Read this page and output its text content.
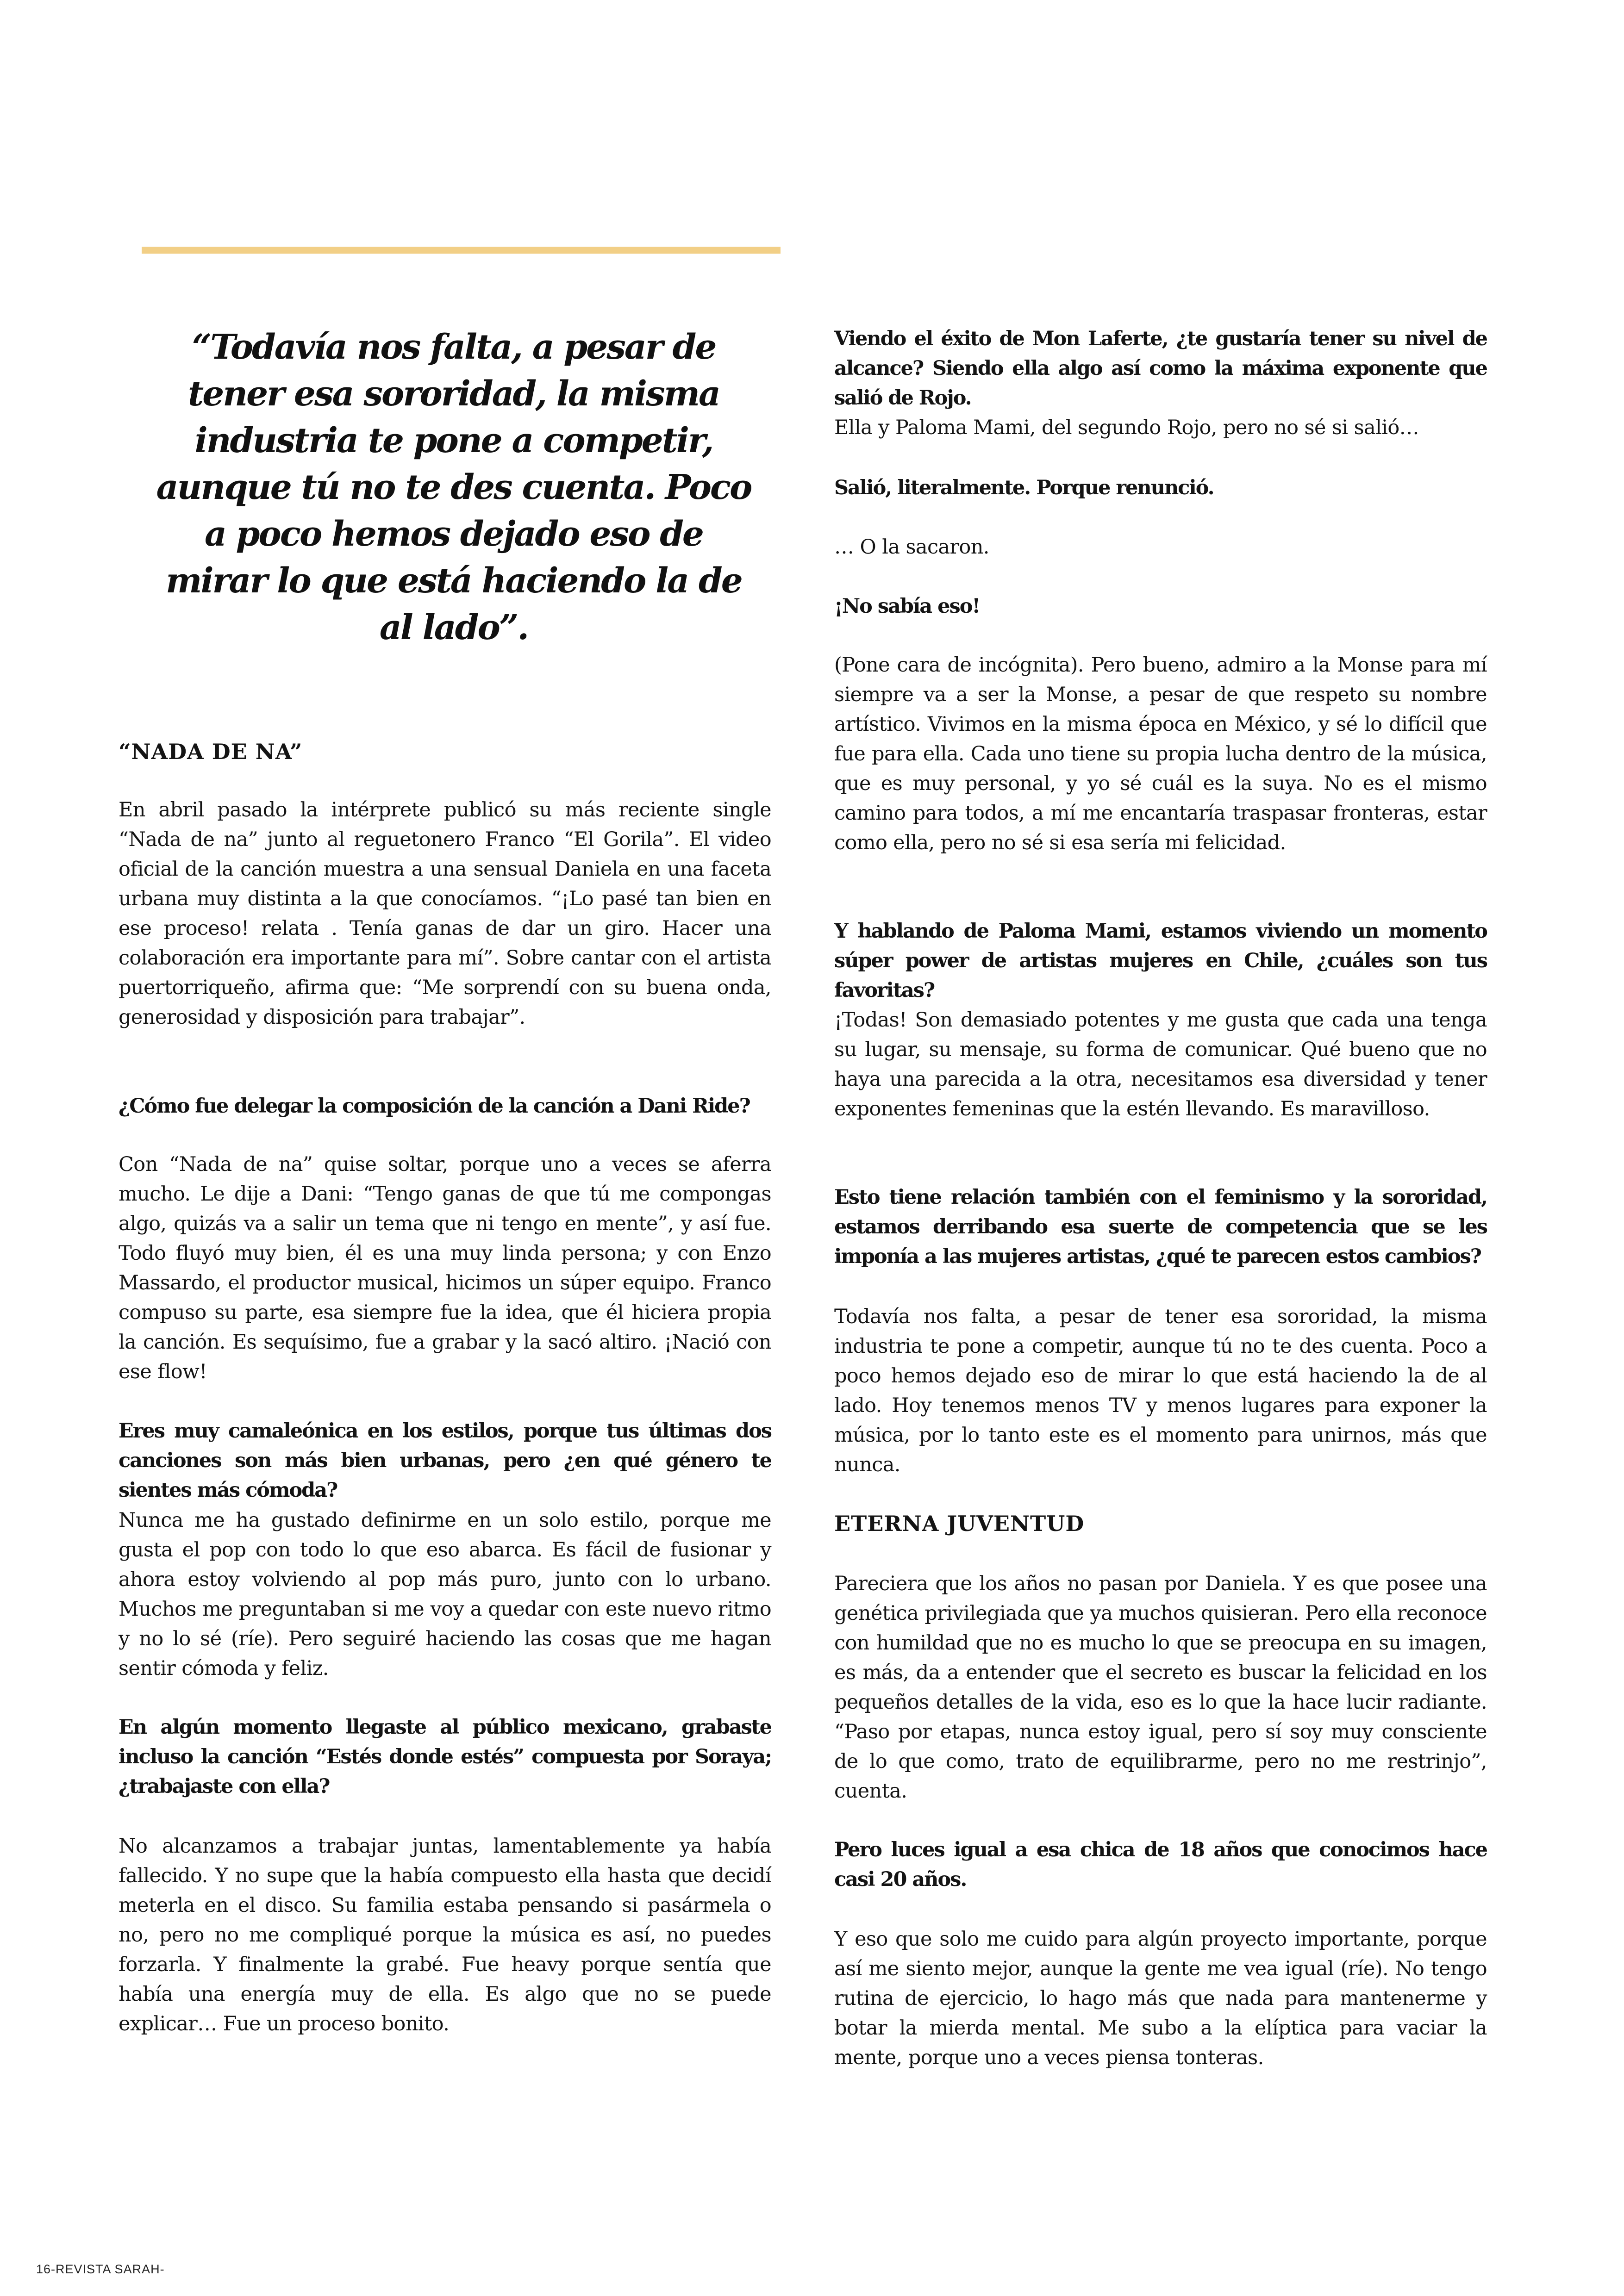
“Todavía nos falta, a pesar de tener esa sororidad, la misma industria te pone a competir, aunque tú no te des cuenta. Poco a poco hemos dejado eso de mirar lo que está haciendo la de al lado”.
“NADA DE NA”
En abril pasado la intérprete publicó su más reciente single “Nada de na” junto al reguetonero Franco “El Gorila”. El video oficial de la canción muestra a una sensual Daniela en una faceta urbana muy distinta a la que conocíamos. “¡Lo pasé tan bien en ese proceso! relata . Tenía ganas de dar un giro. Hacer una colaboración era importante para mí”. Sobre cantar con el artista puertorriqueño, afirma que: “Me sorprendí con su buena onda, generosidad y disposición para trabajar”.
¿Cómo fue delegar la composición de la canción a Dani Ride?
Con “Nada de na” quise soltar, porque uno a veces se aferra mucho. Le dije a Dani: “Tengo ganas de que tú me compongas algo, quizás va a salir un tema que ni tengo en mente”, y así fue. Todo fluyó muy bien, él es una muy linda persona; y con Enzo Massardo, el productor musical, hicimos un súper equipo. Franco compuso su parte, esa siempre fue la idea, que él hiciera propia la canción. Es sequísimo, fue a grabar y la sacó altiro. ¡Nació con ese flow!
Eres muy camaleónica en los estilos, porque tus últimas dos canciones son más bien urbanas, pero ¿en qué género te sientes más cómoda?
Nunca me ha gustado definirme en un solo estilo, porque me gusta el pop con todo lo que eso abarca. Es fácil de fusionar y ahora estoy volviendo al pop más puro, junto con lo urbano. Muchos me preguntaban si me voy a quedar con este nuevo ritmo y no lo sé (ríe). Pero seguiré haciendo las cosas que me hagan sentir cómoda y feliz.
En algún momento llegaste al público mexicano, grabaste incluso la canción “Estés donde estés” compuesta por Soraya; ¿trabajaste con ella?
No alcanzamos a trabajar juntas, lamentablemente ya había fallecido. Y no supe que la había compuesto ella hasta que decidí meterla en el disco. Su familia estaba pensando si pasármela o no, pero no me compliqué porque la música es así, no puedes forzarla. Y finalmente la grabé. Fue heavy porque sentía que había una energía muy de ella. Es algo que no se puede explicar… Fue un proceso bonito.
Viendo el éxito de Mon Laferte, ¿te gustaría tener su nivel de alcance? Siendo ella algo así como la máxima exponente que salió de Rojo.
Ella y Paloma Mami, del segundo Rojo, pero no sé si salió…
Salió, literalmente. Porque renunció.
… O la sacaron.
¡No sabía eso!
(Pone cara de incógnita). Pero bueno, admiro a la Monse para mí siempre va a ser la Monse, a pesar de que respeto su nombre artístico. Vivimos en la misma época en México, y sé lo difícil que fue para ella. Cada uno tiene su propia lucha dentro de la música, que es muy personal, y yo sé cuál es la suya. No es el mismo camino para todos, a mí me encantaría traspasar fronteras, estar como ella, pero no sé si esa sería mi felicidad.
Y hablando de Paloma Mami, estamos viviendo un momento súper power de artistas mujeres en Chile, ¿cuáles son tus favoritas?
¡Todas! Son demasiado potentes y me gusta que cada una tenga su lugar, su mensaje, su forma de comunicar. Qué bueno que no haya una parecida a la otra, necesitamos esa diversidad y tener exponentes femeninas que la estén llevando. Es maravilloso.
Esto tiene relación también con el feminismo y la sororidad, estamos derribando esa suerte de competencia que se les imponía a las mujeres artistas, ¿qué te parecen estos cambios?
Todavía nos falta, a pesar de tener esa sororidad, la misma industria te pone a competir, aunque tú no te des cuenta. Poco a poco hemos dejado eso de mirar lo que está haciendo la de al lado. Hoy tenemos menos TV y menos lugares para exponer la música, por lo tanto este es el momento para unirnos, más que nunca.
ETERNA JUVENTUD
Pareciera que los años no pasan por Daniela. Y es que posee una genética privilegiada que ya muchos quisieran. Pero ella reconoce con humildad que no es mucho lo que se preocupa en su imagen, es más, da a entender que el secreto es buscar la felicidad en los pequeños detalles de la vida, eso es lo que la hace lucir radiante. “Paso por etapas, nunca estoy igual, pero sí soy muy consciente de lo que como, trato de equilibrarme, pero no me restrinjo”, cuenta.
Pero luces igual a esa chica de 18 años que conocimos hace casi 20 años.
Y eso que solo me cuido para algún proyecto importante, porque así me siento mejor, aunque la gente me vea igual (ríe). No tengo rutina de ejercicio, lo hago más que nada para mantenerme y botar la mierda mental. Me subo a la elíptica para vaciar la mente, porque uno a veces piensa tonteras.
16-REVISTA SARAH-
